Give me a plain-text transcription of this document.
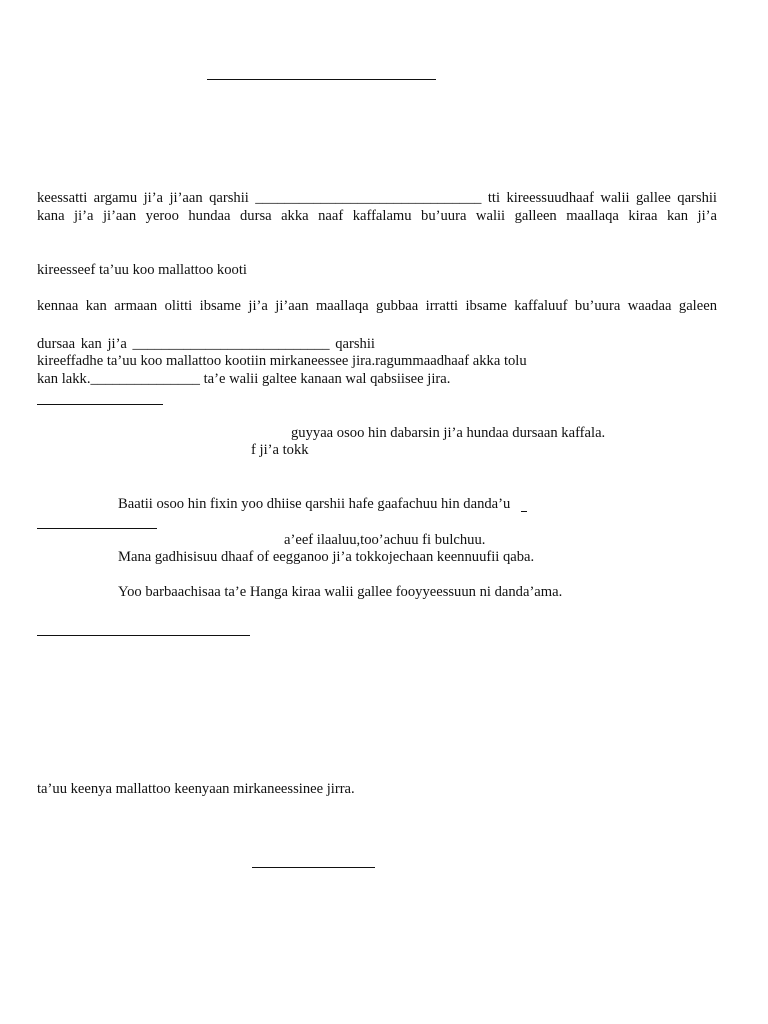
keessatti argamu ji’a ji’aan qarshii _______________________________ tti kireessuudhaaf walii gallee qarshii
kana ji’a ji’aan yeroo hundaa dursa akka naaf kaffalamu bu’uura walii galleen maallaqa kiraa kan ji’a
kireesseef ta’uu koo mallattoo kooti
kennaa kan armaan olitti ibsame ji’a ji’aan maallaqa gubbaa irratti ibsame kaffaluuf bu’uura waadaa galeen
dursaa kan ji’a ___________________________ qarshii
kireeffadhe ta’uu koo mallattoo kootiin mirkaneessee jira.ragummaadhaaf akka tolu
kan lakk._______________ ta’e walii galtee kanaan wal qabsiisee jira.
guyyaa osoo hin dabarsin ji’a hundaa dursaan kaffala.
f ji’a tokk
Baatii osoo hin fixin yoo dhiise qarshii hafe gaafachuu hin danda’u
a’eef ilaaluu,too’achuu fi bulchuu.
Mana gadhisisuu dhaaf of eegganoo ji’a tokkojechaan keennuufii qaba.
Yoo barbaachisaa ta’e Hanga kiraa walii gallee fooyyeessuun ni danda’ama.
ta’uu keenya mallattoo keenyaan mirkaneessinee jirra.
